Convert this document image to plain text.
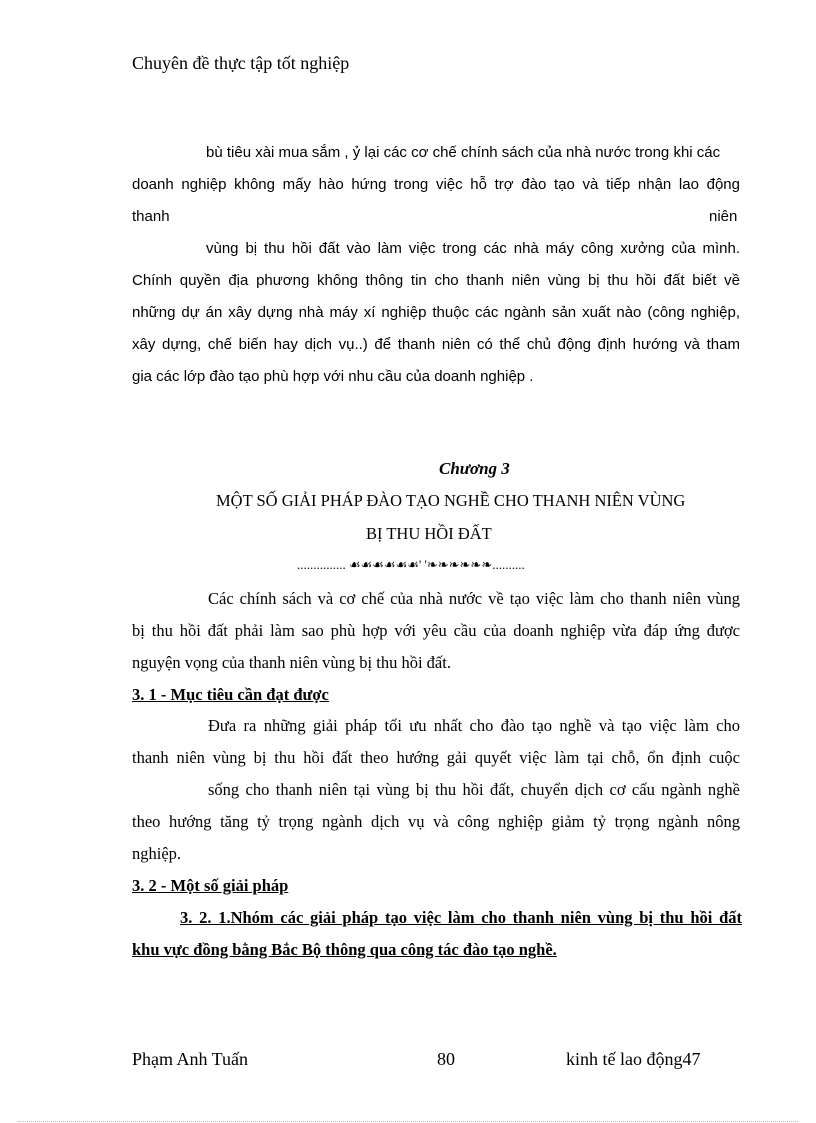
Chuyên đề thực tập tốt nghiệp
bù tiêu xài mua sắm , ỷ lại các cơ chế chính sách của nhà nước trong khi các
doanh nghiệp không mấy hào hứng trong việc hỗ trợ đào tạo và tiếp nhận lao động
thanh	niên
vùng bị thu hồi đất vào làm việc trong các nhà máy công xưởng của mình.
Chính quyền địa phương không thông tin cho thanh niên vùng bị thu hồi đất biết về
những dự án xây dựng nhà máy xí nghiệp thuộc các ngành sản xuất nào (công nghiệp,
xây dựng, chế biến hay dịch vụ..) để thanh niên có thể chủ động định hướng và tham
gia các lớp đào tạo phù hợp với nhu cầu của doanh nghiệp .
Chương 3
MỘT SỐ GIẢI PHÁP ĐÀO TẠO NGHỀ CHO THANH NIÊN VÙNG
BỊ THU HỒI ĐẤT
............... ☙☙☙☙☙☙' '❧❧❧❧❧❧..........
Các chính sách và cơ chế của nhà nước về tạo việc làm cho thanh niên vùng
bị thu hồi đất phải làm sao phù hợp với yêu cầu của doanh nghiệp vừa đáp ứng được
nguyện vọng của thanh niên vùng bị thu hồi đất.
3. 1 - Mục tiêu cần đạt được
Đưa ra những giải pháp tối ưu nhất cho đào tạo nghề và tạo việc làm cho
thanh niên vùng bị thu hồi đất theo hướng gải quyết việc làm tại chỗ, ổn định cuộc
sống cho thanh niên tại vùng bị thu hồi đất, chuyển dịch cơ cấu ngành nghề
theo hướng tăng tỷ trọng ngành dịch vụ và công nghiệp giảm tỷ trọng ngành nông
nghiệp.
3. 2 - Một số giải pháp
3. 2. 1.Nhóm các giải pháp tạo việc làm cho thanh niên vùng bị thu hồi đất
khu vực đồng bằng Bắc Bộ thông qua công tác đào tạo nghề.
Phạm Anh Tuấn	80	kinh tế lao động47
